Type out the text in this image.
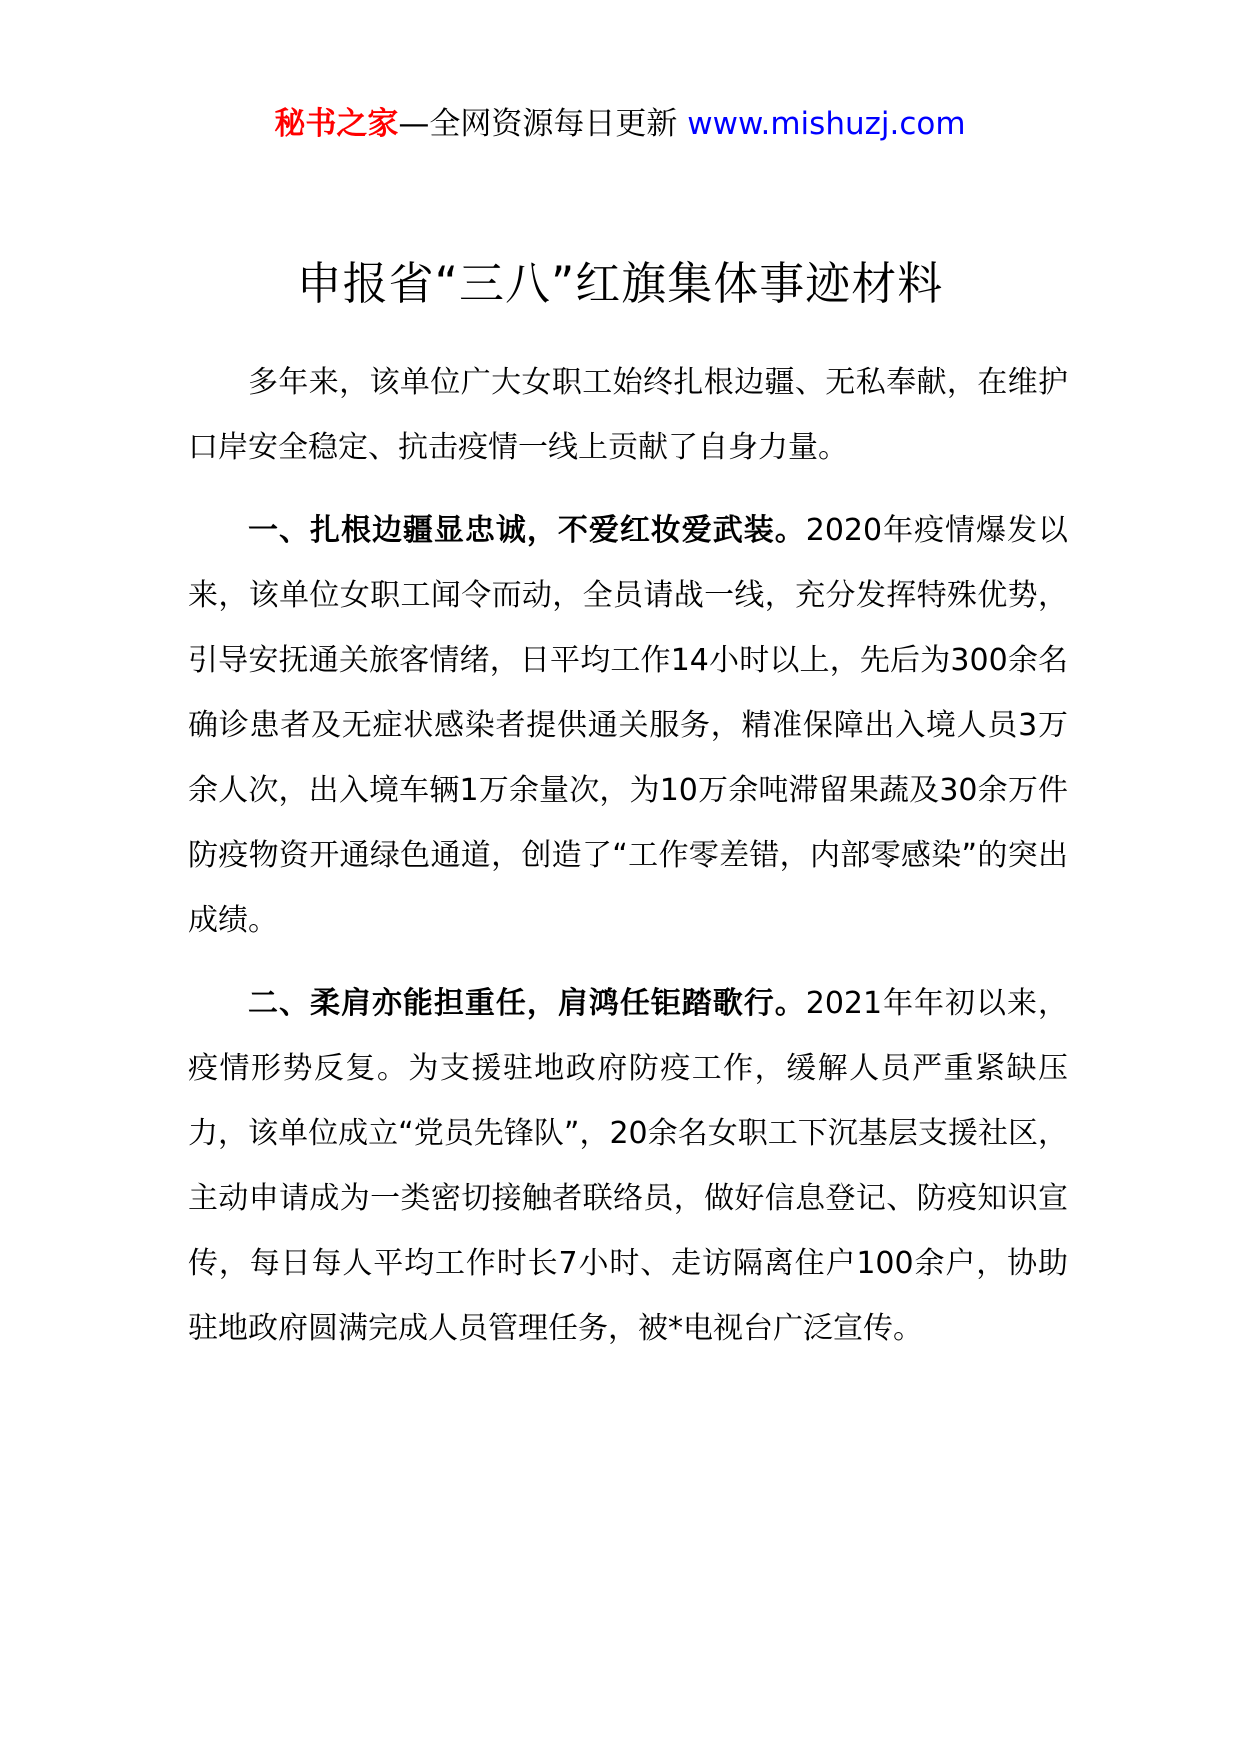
秘书之家—全网资源每日更新 www.mishuzj.com
申报省“三八”红旗集体事迹材料

多年来，该单位广大女职工始终扎根边疆、无私奉献，在维护口岸安全稳定、抗击疫情一线上贡献了自身力量。

一、扎根边疆显忠诚，不爱红妆爱武装。2020年疫情爆发以来，该单位女职工闻令而动，全员请战一线，充分发挥特殊优势，引导安抚通关旅客情绪，日平均工作14小时以上，先后为300余名确诊患者及无症状感染者提供通关服务，精准保障出入境人员3万余人次，出入境车辆1万余量次，为10万余吨滞留果蔬及30余万件防疫物资开通绿色通道，创造了“工作零差错，内部零感染”的突出成绩。

二、柔肩亦能担重任，肩鸿任钜踏歌行。2021年年初以来，疫情形势反复。为支援驻地政府防疫工作，缓解人员严重紧缺压力，该单位成立“党员先锋队”，20余名女职工下沉基层支援社区，主动申请成为一类密切接触者联络员，做好信息登记、防疫知识宣传，每日每人平均工作时长7小时、走访隔离住户100余户，协助驻地政府圆满完成人员管理任务，被*电视台广泛宣传。
